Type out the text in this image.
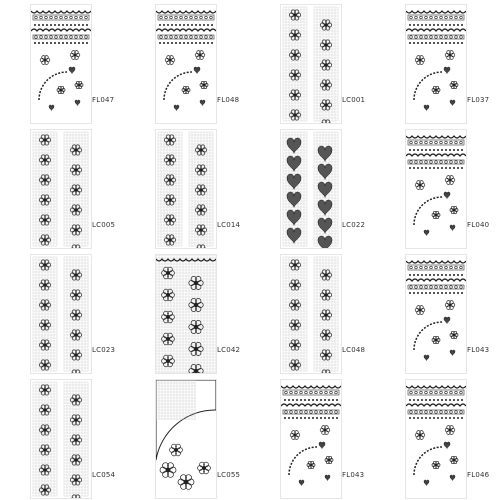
FL047	FL048	LC001	FL037
LC005	LC014	LC022	FL040
LC023	LC042	LC048	FL043
LC054	LC055	FL043	FL046
